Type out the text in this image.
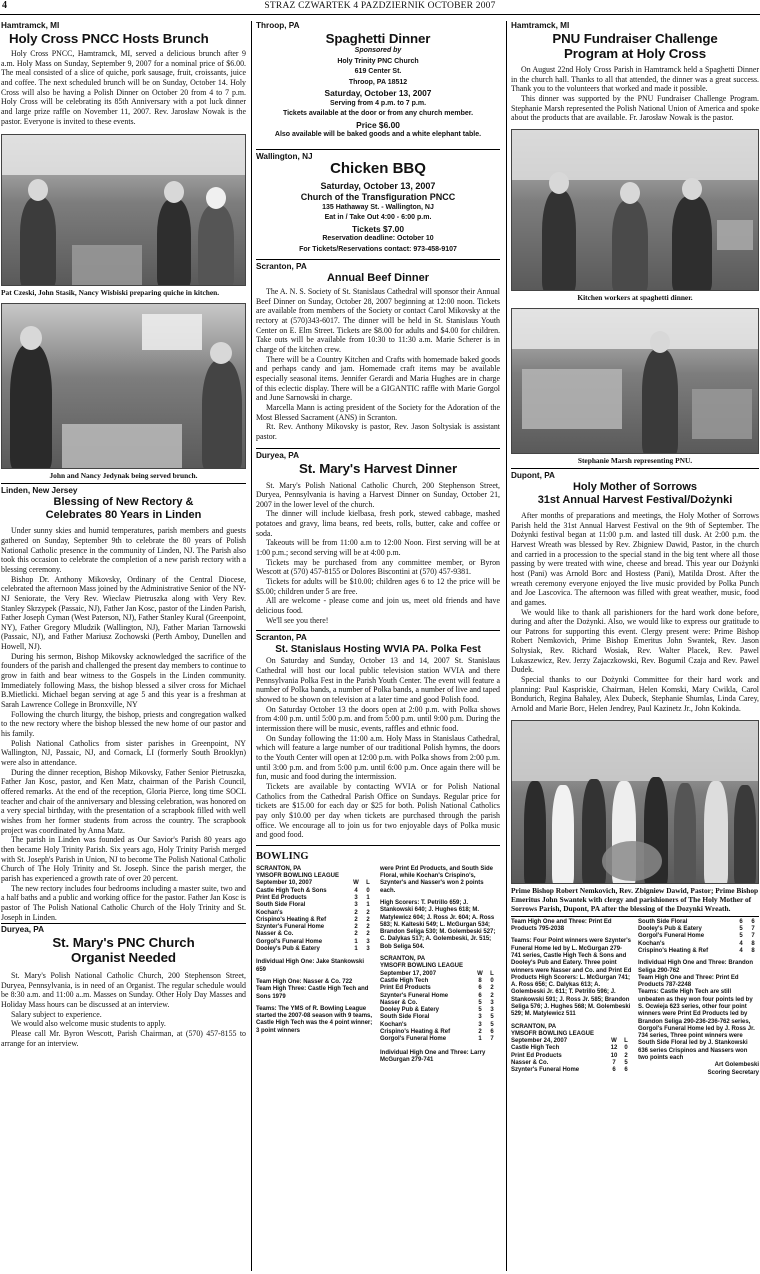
4	STRAZ CZWARTEK 4 PAZDZIERNIK OCTOBER 2007
Hamtramck, MI
Holy Cross PNCC Hosts Brunch

Holy Cross PNCC, Hamtramck, MI, served a delicious brunch after 9 a.m. Holy Mass on Sunday, September 9, 2007 for a nominal price of $6.00. The meal consisted of a slice of quiche, pork sausage, fruit, croissants, juice and coffee. The next scheduled brunch will be on Sunday, October 14. Holy Cross will also be having a Polish Dinner on October 20 from 4 to 7 p.m. Holy Cross will be celebrating its 85th Anniversary with a pot luck dinner and large prize raffle on November 11, 2007. Rev. Jarosław Nowak is the pastor. Everyone is invited to these events.

Pat Czeski, John Stasik, Nancy Wisbiski preparing quiche in kitchen.
John and Nancy Jedynak being served brunch.
Linden, New Jersey
Blessing of New Rectory &
Celebrates 80 Years in Linden

Under sunny skies and humid temperatures, parish members and guests gathered on Sunday, September 9th to celebrate the 80 years of Polish National Catholic presence in the community of Linden, NJ. The Parish also took this occasion to celebrate the completion of a new parish rectory with a blessing ceremony.

Bishop Dr. Anthony Mikovsky, Ordinary of the Central Diocese, celebrated the afternoon Mass joined by the Administrative Senior of the NY-NJ Seniorate, the Very Rev. Wieclaw Pietruszka along with Very Rev. Stanley Skrzypek (Passaic, NJ), Father Jan Kosc, pastor of the Linden Parish, Father Joseph Cyman (West Paterson, NJ), Father Stanley Kural (Greenpoint, NY), Father Gregory Mludzik (Wallington, NJ), Father Marian Tarnowski (Passaic, NJ), and Father Mariusz Zochowski (Perth Amboy, Dunellen and Howell, NJ).

During his sermon, Bishop Mikovsky acknowledged the sacrifice of the founders of the parish and challenged the present day members to continue to grow in faith and bear witness to the Gospels in the Linden community. Immediately following Mass, the bishop blessed a silver cross for Michael B.Mietlicki. Michael began serving at age 5 and this year is a freshman at Sarah Lawrence College in Bronxville, NY

Following the church liturgy, the bishop, priests and congregation walked to the new rectory where the bishop blessed the new home of our pastor and his family.

Polish National Catholics from sister parishes in Greenpoint, NY Wallington, NJ, Passaic, NJ, and Cornack, LI (formerly South Brooklyn) were also in attendance.

During the dinner reception, Bishop Mikovsky, Father Senior Pietruszka, Father Jan Kosc, pastor, and Ken Matz, chairman of the Parish Council, offered remarks. At the end of the reception, Gloria Pierce, long time SOCL teacher and chair of the anniversary and blessing celebration, was honored on a very special birthday, with the presentation of a scrapbook filled with well wishes from her former students from across the country. The scrapbook project was coordinated by Anna Matz.

The parish in Linden was founded as Our Savior's Parish 80 years ago then became Holy Trinity Parish. Six years ago, Holy Trinity Parish merged with St. Joseph's Parish in Union, NJ to become The Polish National Catholic Church of The Holy Trinity and St. Joseph. Since the parish merger, the parish has experienced a growth rate of over 20 percent.

The new rectory includes four bedrooms including a master suite, two and a half baths and a public and working office for the pastor. Father Jan Kosc is pastor of The Polish National Catholic Church of the Holy Trinity and St. Joseph in Linden.

Duryea, PA
St. Mary's PNC Church
Organist Needed

St. Mary's Polish National Catholic Church, 200 Stephenson Street, Duryea, Pennsylvania, is in need of an Organist. The regular schedule would be 8:30 a.m. and 11:00 a..m. Masses on Sunday. Other Holy Day Masses and Holiday Mass hours can be discussed at an interview.

Salary subject to experience.

We would also welcome music students to apply.

Please call Mr. Byron Wescott, Parish Chairman, at (570) 457-8155 to arrange for an interview.

Throop, PA
Spaghetti Dinner
Sponsored by
Holy Trinity PNC Church
619 Center St.
Throop, PA 18512
Saturday, October 13, 2007
Serving from 4 p.m. to 7 p.m.
Tickets available at the door or from any church member.
Price $6.00
Also available will be baked goods and a white elephant table.
Wallington, NJ
Chicken BBQ
Saturday, October 13, 2007
Church of the Transfiguration PNCC
135 Hathaway St. - Wallington, NJ
Eat in / Take Out 4:00 - 6:00 p.m.
Tickets $7.00
Reservation deadline: October 10
For Tickets/Reservations contact: 973-458-9107
Scranton, PA
Annual Beef Dinner

The A. N. S. Society of St. Stanislaus Cathedral will sponsor their Annual Beef Dinner on Sunday, October 28, 2007 beginning at 12:00 noon. Tickets are available from members of the Society or contact Carol Mikovsky at the rectory at (570)343-6017. The dinner will be held in St. Stanislaus Youth Center on E. Elm Street. Tickets are $8.00 for adults and $4.00 for children. Take outs will be available from 10:30 to 11:30 a.m. Marie Scherer is in charge of the kitchen crew.

There will be a Country Kitchen and Crafts with homemade baked goods and perhaps candy and jam. Homemade craft items may be available especially seasonal items. Jennifer Gerardi and Maria Hughes are in charge of this eclectic display. There will be a GIGANTIC raffle with Marie Gorgol and June Sarnowski in charge.

Marcella Mann is acting president of the Society for the Adoration of the Most Blessed Sacrament (ANS) in Scranton.

Rt. Rev. Anthony Mikovsky is pastor, Rev. Jason Soltysiak is assistant pastor.

Duryea, PA
St. Mary's Harvest Dinner

St. Mary's Polish National Catholic Church, 200 Stephenson Street, Duryea, Pennsylvania is having a Harvest Dinner on Sunday, October 21, 2007 in the lower level of the church.

The dinner will include kielbasa, fresh pork, stewed cabbage, mashed potatoes and gravy, lima beans, red beets, rolls, butter, cake and coffee or soda.

Takeouts will be from 11:00 a.m to 12:00 Noon. First serving will be at 1:00 p.m.; second serving will be at 4:00 p.m.

Tickets may be purchased from any committee member, or Byron Wescott at (570) 457-8155 or Dolores Biscontini at (570) 457-9381.

Tickets for adults will be $10.00; children ages 6 to 12 the price will be $5.00; children under 5 are free.

All are welcome - please come and join us, meet old friends and have delicious food.

We'll see you there!

Scranton, PA
St. Stanislaus Hosting WVIA PA. Polka Fest

On Saturday and Sunday, October 13 and 14, 2007 St. Stanislaus Cathedral will host our local public television station WVIA and there Pennsylvania Polka Fest in the Parish Youth Center. The event will feature a number of Polka bands, a number of Polka bands, a number of live and taped showed to be shown on television at a later time and good Polish food.

On Saturday October 13 the doors open at 2:00 p.m. with Polka shows from 4:00 p.m. until 5:00 p.m. and from 5:00 p.m. until 9:00 p.m. During the intermission there will be music, events, raffles and ethnic food.

On Sunday following the 11:00 a.m. Holy Mass in Stanislaus Cathedral, which will feature a large number of our traditional Polish hymns, the doors to the Youth Center will open at 12:00 p.m. with Polka shows from 2:00 p.m. until 3:00 p.m. and from 5:00 p.m. until 6:00 p.m. Once again there will be fun, music and food during the intermission.

Tickets are available by contacting WVIA or for Polish National Catholics from the Cathedral Parish Office on Sundays. Regular price for tickets are $15.00 for each day or $25 for both. Polish National Catholics pay only $10.00 per day when tickets are purchased through the parish office. We encourage all to join us for two enjoyable days of Polka music and good food.

BOWLING
SCRANTON, PA
YMSOFR BOWLING LEAGUE
September 10, 2007	W	L
Castle High Tech & Sons	4	0
Print Ed Products	3	1
South Side Floral	3	1
Kochan's	2	2
Crispino's Heating & Ref	2	2
Szynter's Funeral Home	2	2
Nasser & Co.	2	2
Gorgol's Funeral Home	1	3
Dooley's Pub & Eatery	1	3
Individual High One: Jake Stankowski 659
Team High One: Nasser & Co. 722
Team High Three: Castle High Tech and Sons 1979
Teams: The YMS of R. Bowling League started the 2007-08 season with 9 teams, Castle High Tech was the 4 point winner; 3 point winners
were Print Ed Products, and South Side Floral, while Kochan's Crispino's, Szynter's and Nasser's won 2 points each.
High Scorers: T. Petrillo 659; J. Stankowski 640; J. Hughes 618; M. Matylewicz 604; J. Ross Jr. 604; A. Ross 583; N. Kalteski 549; L. McGurgan 534; Brandon Seliga 530; M. Golembeski 527; C. Dalykas 517; A. Golembeski, Jr. 515; Bob Seliga 504.
SCRANTON, PA
YMSOFR BOWLING LEAGUE
September 17, 2007	W	L
Castle High Tech	8	0
Print Ed Products	6	2
Szynter's Funeral Home	6	2
Nasser & Co.	5	3
Dooley Pub & Eatery	5	3
South Side Floral	3	5
Kochan's	3	5
Crispino's Heating & Ref	2	6
Gorgol's Funeral Home	1	7
Individual High One and Three: Larry McGurgan 279-741
Hamtramck, MI
PNU Fundraiser Challenge
Program at Holy Cross

On August 22nd Holy Cross Parish in Hamtramck held a Spaghetti Dinner in the church hall. Thanks to all that attended, the dinner was a great success. Thank you to the volunteers that worked and made it possible.

This dinner was supported by the PNU Fundraiser Challenge Program. Stephanie Marsh represented the Polish National Union of America and spoke about the products that are available. Fr. Jarosław Nowak is the pastor.

Kitchen workers at spaghetti dinner.
Stephanie Marsh representing PNU.
Dupont, PA
Holy Mother of Sorrows
31st Annual Harvest Festival/Dożynki

After months of preparations and meetings, the Holy Mother of Sorrows Parish held the 31st Annual Harvest Festival on the 9th of September. The Dożynki festival began at 11:00 p.m. and lasted till dusk. At 2:00 p.m. the Harvest Wreath was blessed by Rev. Zbigniew Dawid, Pastor, in the church and carried in a procession to the special stand in the big tent where all those passing by were treated with wine, cheese and bread. This year our Dożynki host (Pani) was Arnold Borc and Hostess (Pani), Matilda Drost. After the wreath ceremony everyone enjoyed the live music provided by Polka Punch and Joe Lascovica. The afternoon was filled with great weather, music, food and games.

We would like to thank all parishioners for the hard work done before, during and after the Dożynki. Also, we would like to express our gratitude to our Patrons for supporting this event. Clergy present were: Prime Bishop Robert Nemkovich, Prime Bishop Emeritus John Swantek, Rev. Jason Soltysiak, Rev. Richard Wosiak, Rev. Walter Placek, Rev. Pawel Lukaszewicz, Rev. Jerzy Zajaczkowski, Rev. Bogumil Czaja and Rev. Pawel Dudek.

Special thanks to our Dożynki Committee for their hard work and planning: Paul Kaspriskie, Chairman, Helen Komski, Mary Cwikla, Carol Bondurich, Regina Bahaley, Alex Dubeck, Stephanie Shumlas, Linda Carey, Arnold and Marie Borc, Helen Jendrey, Paul Kazinetz Jr., John Kokinda.

Prime Bishop Robert Nemkovich, Rev. Zbigniew Dawid, Pastor; Prime Bishop Emeritus John Swantek with clergy and parishioners of The Holy Mother of Sorrows Parish, Dupont, PA after the blessing of the Dozynki Wreath.
Team High One and Three: Print Ed Products 795-2038
Teams: Four Point winners were Szynter's Funeral Home led by L. McGurgan 279-741 series, Castle High Tech & Sons and Dooley's Pub and Eatery. Three point winners were Nasser and Co. and Print Ed Products High Scorers: L. McGurgan 741; A. Ross 656; C. Dalykas 613; A. Golembeski Jr. 611; T. Petrillo 596; J. Stankowski 591; J. Ross Jr. 585; Brandon Seliga 576; J. Hughes 568; M. Golembeski 529; M. Matylewicz 511
SCRANTON, PA
YMSOFR BOWLING LEAGUE
September 24, 2007	W	L
Castle High Tech	12	0
Print Ed Products	10	2
Nasser & Co.	7	5
Szynter's Funeral Home	6	6
South Side Floral	6	6
Dooley's Pub & Eatery	5	7
Gorgol's Funeral Home	5	7
Kochan's	4	8
Crispino's Heating & Ref	4	8
Individual High One and Three: Brandon Seliga 290-762
Team High One and Three: Print Ed Products 787-2248
Teams: Castle High Tech are still unbeaten as they won four points led by S. Ocwieja 623 series, other four point winners were Print Ed Products led by Brandon Seliga 290-236-236-762 series, Gorgol's Funeral Home led by J. Ross Jr. 734 series, Three point winners were South Side Floral led by J. Stankowski 636 series Crispinos and Nassers won two points each
Art Golembeski
Scoring Secretary
